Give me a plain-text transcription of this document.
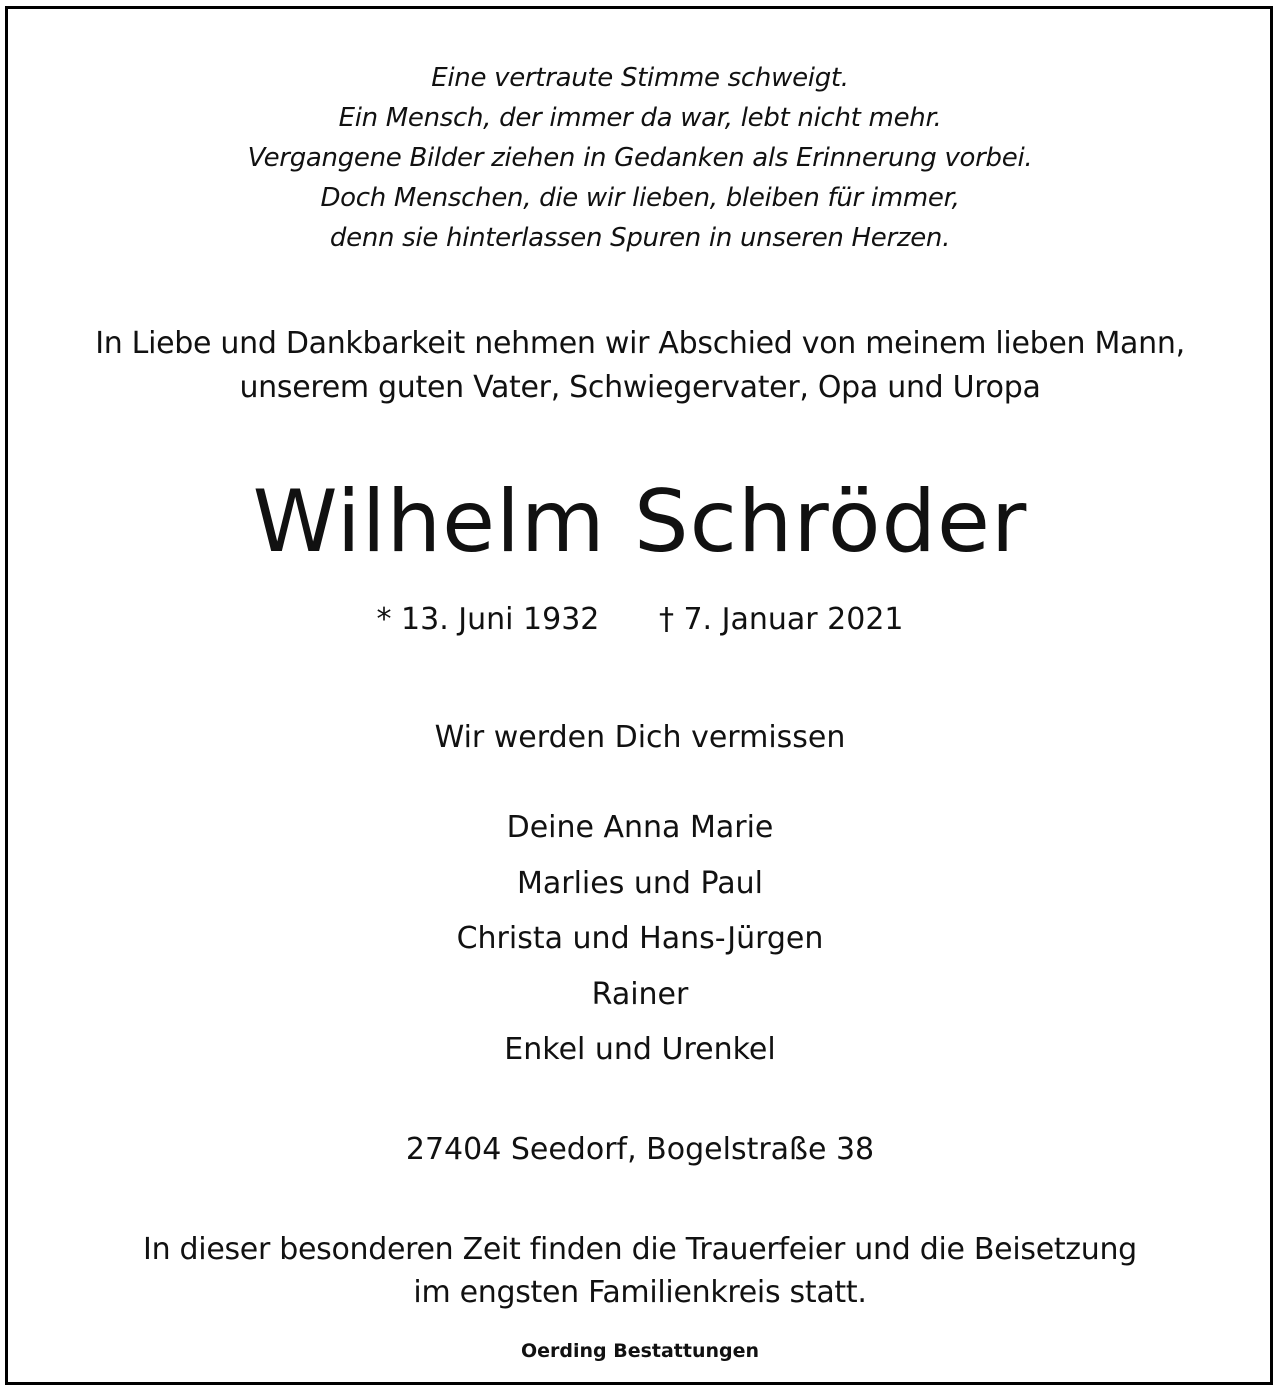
Eine vertraute Stimme schweigt.
Ein Mensch, der immer da war, lebt nicht mehr.
Vergangene Bilder ziehen in Gedanken als Erinnerung vorbei.
Doch Menschen, die wir lieben, bleiben für immer,
denn sie hinterlassen Spuren in unseren Herzen.
In Liebe und Dankbarkeit nehmen wir Abschied von meinem lieben Mann,
unserem guten Vater, Schwiegervater, Opa und Uropa
Wilhelm Schröder
* 13. Juni 1932 † 7. Januar 2021
Wir werden Dich vermissen
Deine Anna Marie
Marlies und Paul
Christa und Hans-Jürgen
Rainer
Enkel und Urenkel
27404 Seedorf, Bogelstraße 38
In dieser besonderen Zeit finden die Trauerfeier und die Beisetzung
im engsten Familienkreis statt.
Oerding Bestattungen
